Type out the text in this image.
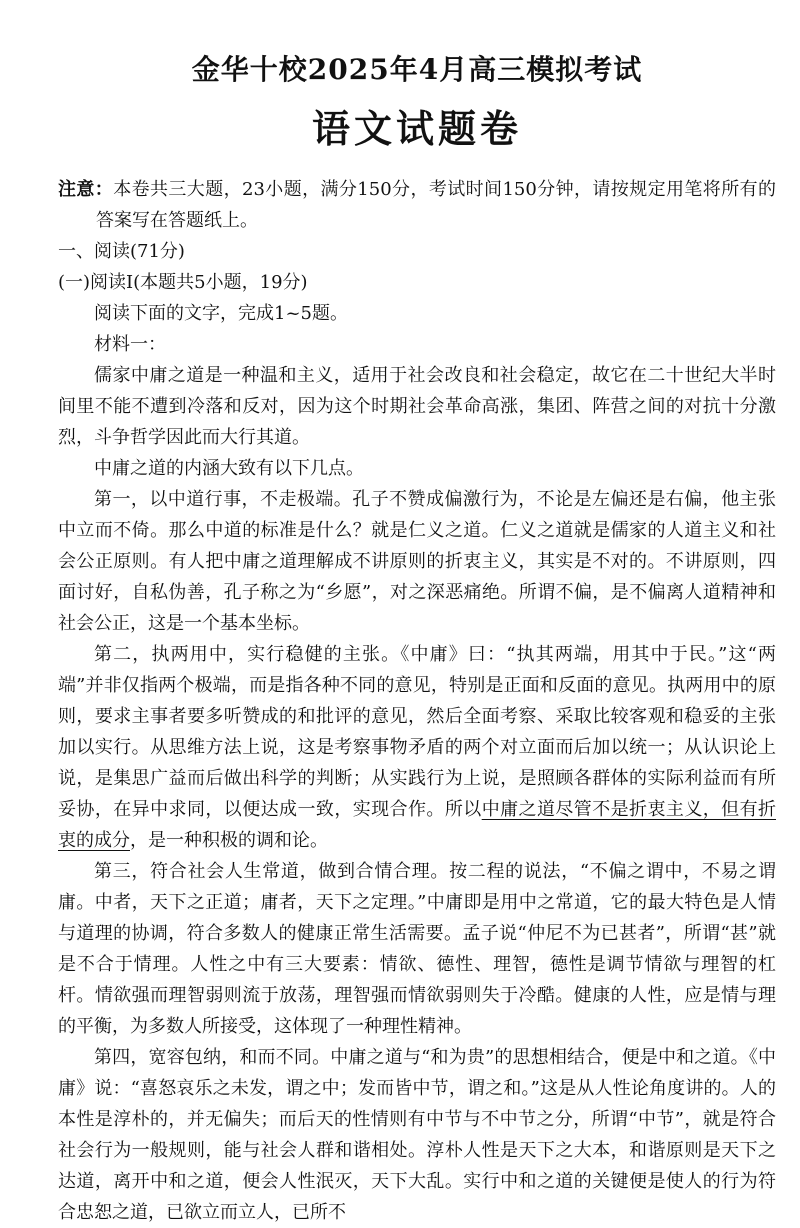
金华十校2025年4月高三模拟考试
语文试题卷

注意：本卷共三大题，23小题，满分150分，考试时间150分钟，请按规定用笔将所有的答案写在答题纸上。

一、阅读(71分)

(一)阅读Ⅰ(本题共5小题，19分)

阅读下面的文字，完成1~5题。

材料一：

儒家中庸之道是一种温和主义，适用于社会改良和社会稳定，故它在二十世纪大半时间里不能不遭到冷落和反对，因为这个时期社会革命高涨，集团、阵营之间的对抗十分激烈，斗争哲学因此而大行其道。

中庸之道的内涵大致有以下几点。

第一，以中道行事，不走极端。孔子不赞成偏激行为，不论是左偏还是右偏，他主张中立而不倚。那么中道的标准是什么？就是仁义之道。仁义之道就是儒家的人道主义和社会公正原则。有人把中庸之道理解成不讲原则的折衷主义，其实是不对的。不讲原则，四面讨好，自私伪善，孔子称之为“乡愿”，对之深恶痛绝。所谓不偏，是不偏离人道精神和社会公正，这是一个基本坐标。

第二，执两用中，实行稳健的主张。《中庸》曰：“执其两端，用其中于民。”这“两端”并非仅指两个极端，而是指各种不同的意见，特别是正面和反面的意见。执两用中的原则，要求主事者要多听赞成的和批评的意见，然后全面考察、采取比较客观和稳妥的主张加以实行。从思维方法上说，这是考察事物矛盾的两个对立面而后加以统一；从认识论上说，是集思广益而后做出科学的判断；从实践行为上说，是照顾各群体的实际利益而有所妥协，在异中求同，以便达成一致，实现合作。所以中庸之道尽管不是折衷主义，但有折衷的成分，是一种积极的调和论。

第三，符合社会人生常道，做到合情合理。按二程的说法，“不偏之谓中，不易之谓庸。中者，天下之正道；庸者，天下之定理。”中庸即是用中之常道，它的最大特色是人情与道理的协调，符合多数人的健康正常生活需要。孟子说“仲尼不为已甚者”，所谓“甚”就是不合于情理。人性之中有三大要素：情欲、德性、理智，德性是调节情欲与理智的杠杆。情欲强而理智弱则流于放荡，理智强而情欲弱则失于冷酷。健康的人性，应是情与理的平衡，为多数人所接受，这体现了一种理性精神。

第四，宽容包纳，和而不同。中庸之道与“和为贵”的思想相结合，便是中和之道。《中庸》说：“喜怒哀乐之未发，谓之中；发而皆中节，谓之和。”这是从人性论角度讲的。人的本性是淳朴的，并无偏失；而后天的性情则有中节与不中节之分，所谓“中节”，就是符合社会行为一般规则，能与社会人群和谐相处。淳朴人性是天下之大本，和谐原则是天下之达道，离开中和之道，便会人性泯灭，天下大乱。实行中和之道的关键便是使人的行为符合忠恕之道，已欲立而立人，已所不
